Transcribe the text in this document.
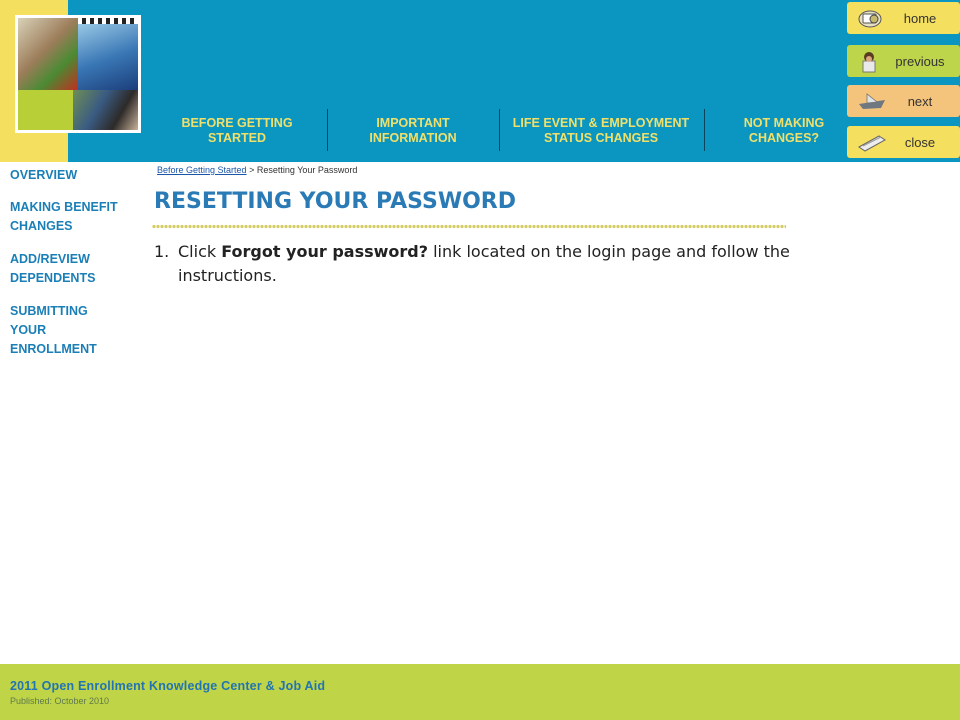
BEFORE GETTING STARTED
IMPORTANT INFORMATION
LIFE EVENT & EMPLOYMENT STATUS CHANGES
NOT MAKING CHANGES?
home
previous
next
close
OVERVIEW
MAKING BENEFIT CHANGES
ADD/REVIEW DEPENDENTS
SUBMITTING YOUR ENROLLMENT
Before Getting Started > Resetting Your Password
RESETTING YOUR PASSWORD
1. Click Forgot your password? link located on the login page and follow the instructions.
2011 Open Enrollment Knowledge Center & Job Aid
Published: October 2010
